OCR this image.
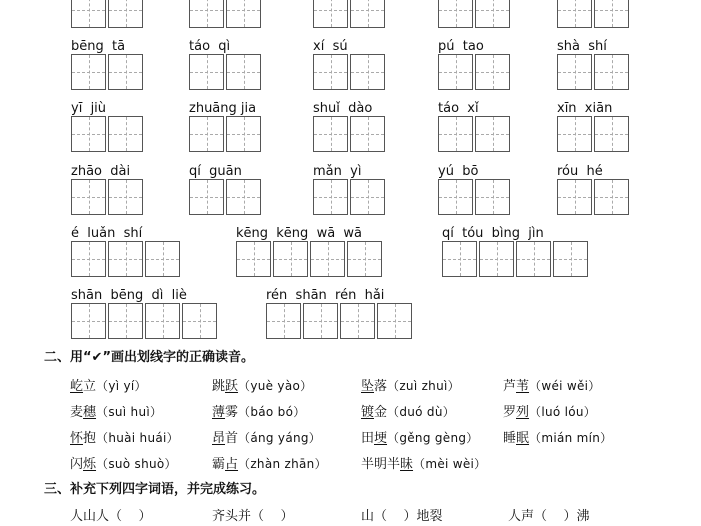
bēng  tā	táo  qì	xí  sú	pú  tao	shà  shí
yī  jiù	zhuāng jia	shuǐ  dào	táo  xǐ	xīn  xiān
zhāo  dài	qí  guān	mǎn  yì	yú  bō	róu  hé
é  luǎn  shí	kēng  kēng  wā  wā	qí  tóu  bìng  jìn
shān  bēng  dì  liè	rén  shān  rén  hǎi
二、用“✔”画出划线字的正确读音。
屹立（yì yí）	跳跃（yuè yào）	坠落（zuì zhuì）	芦苇（wéi wěi）
麦穗（suì huì）	薄雾（báo bó）	镀金（duó dù）	罗列（luó lóu）
怀抱（huài huái）	昂首（áng yáng）	田埂（gěng gèng） 睡眠（mián mín）
闪烁（suò shuò）	霸占（zhàn zhān）	半明半昧（mèi wèi）
三、补充下列四字词语，并完成练习。
人山人（    ）	齐头并（    ）	山（    ）地裂	人声（    ）沸
